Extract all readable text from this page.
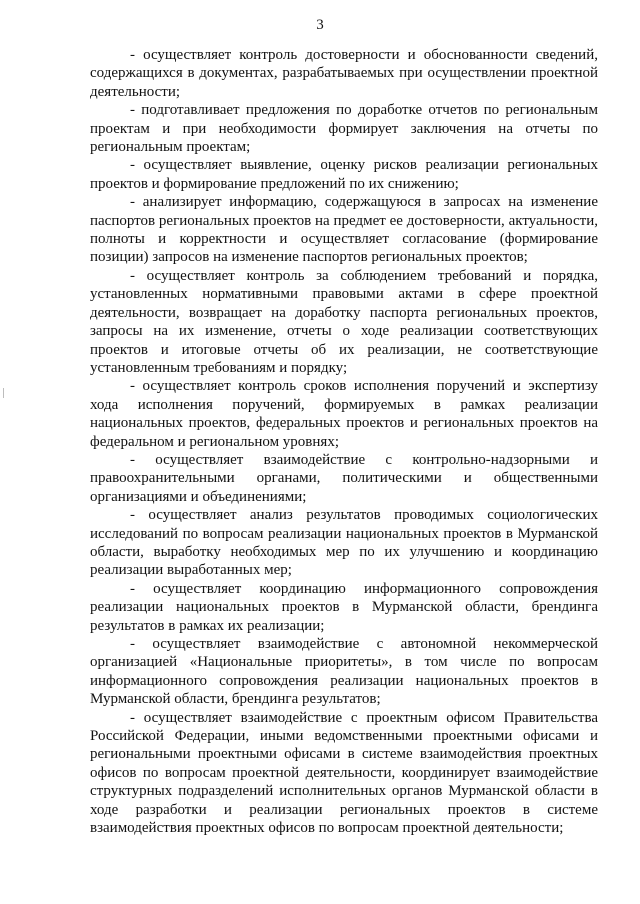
3

- осуществляет контроль достоверности и обоснованности сведений, содержащихся в документах, разрабатываемых при осуществлении проектной деятельности;

- подготавливает предложения по доработке отчетов по региональным проектам и при необходимости формирует заключения на отчеты по региональным проектам;

- осуществляет выявление, оценку рисков реализации региональных проектов и формирование предложений по их снижению;

- анализирует информацию, содержащуюся в запросах на изменение паспортов региональных проектов на предмет ее достоверности, актуальности, полноты и корректности и осуществляет согласование (формирование позиции) запросов на изменение паспортов региональных проектов;

- осуществляет контроль за соблюдением требований и порядка, установленных нормативными правовыми актами в сфере проектной деятельности, возвращает на доработку паспорта региональных проектов, запросы на их изменение, отчеты о ходе реализации соответствующих проектов и итоговые отчеты об их реализации, не соответствующие установленным требованиям и порядку;

- осуществляет контроль сроков исполнения поручений и экспертизу хода исполнения поручений, формируемых в рамках реализации национальных проектов, федеральных проектов и региональных проектов на федеральном и региональном уровнях;

- осуществляет взаимодействие с контрольно-надзорными и правоохранительными органами, политическими и общественными организациями и объединениями;

- осуществляет анализ результатов проводимых социологических исследований по вопросам реализации национальных проектов в Мурманской области, выработку необходимых мер по их улучшению и координацию реализации выработанных мер;

- осуществляет координацию информационного сопровождения реализации национальных проектов в Мурманской области, брендинга результатов в рамках их реализации;

- осуществляет взаимодействие с автономной некоммерческой организацией «Национальные приоритеты», в том числе по вопросам информационного сопровождения реализации национальных проектов в Мурманской области, брендинга результатов;

- осуществляет взаимодействие с проектным офисом Правительства Российской Федерации, иными ведомственными проектными офисами и региональными проектными офисами в системе взаимодействия проектных офисов по вопросам проектной деятельности, координирует взаимодействие структурных подразделений исполнительных органов Мурманской области в ходе разработки и реализации региональных проектов в системе взаимодействия проектных офисов по вопросам проектной деятельности;
